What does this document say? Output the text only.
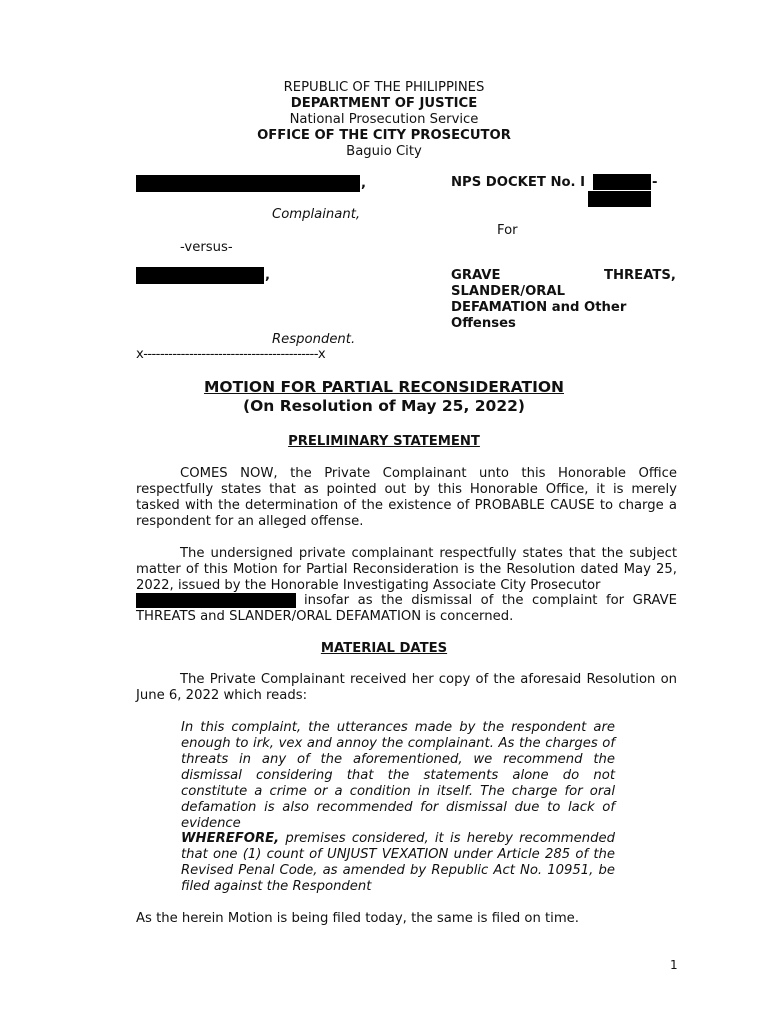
REPUBLIC OF THE PHILIPPINES
DEPARTMENT OF JUSTICE
National Prosecution Service
OFFICE OF THE CITY PROSECUTOR
Baguio City
,	NPS DOCKET No. I	-
Complainant,
For
-versus-
,	GRAVE	THREATS,
SLANDER/ORAL
DEFAMATION and Other
Offenses
Respondent.
x------------------------------------------x
MOTION FOR PARTIAL RECONSIDERATION
(On Resolution of May 25, 2022)
PRELIMINARY STATEMENT
COMES NOW, the Private Complainant unto this Honorable Office respectfully states that as pointed out by this Honorable Office, it is merely tasked with the determination of the existence of PROBABLE CAUSE to charge a respondent for an alleged offense.
The undersigned private complainant respectfully states that the subject matter of this Motion for Partial Reconsideration is the Resolution dated May 25, 2022, issued by the Honorable Investigating Associate City Prosecutor
insofar as the dismissal of the complaint for GRAVE
THREATS and SLANDER/ORAL DEFAMATION is concerned.
MATERIAL DATES
The Private Complainant received her copy of the aforesaid Resolution on June 6, 2022 which reads:
In this complaint, the utterances made by the respondent are enough to irk, vex and annoy the complainant. As the charges of threats in any of the aforementioned, we recommend the dismissal considering that the statements alone do not constitute a crime or a condition in itself. The charge for oral defamation is also recommended for dismissal due to lack of evidence
WHEREFORE, premises considered, it is hereby recommended that one (1) count of UNJUST VEXATION under Article 285 of the Revised Penal Code, as amended by Republic Act No. 10951, be filed against the Respondent
As the herein Motion is being filed today, the same is filed on time.
1
